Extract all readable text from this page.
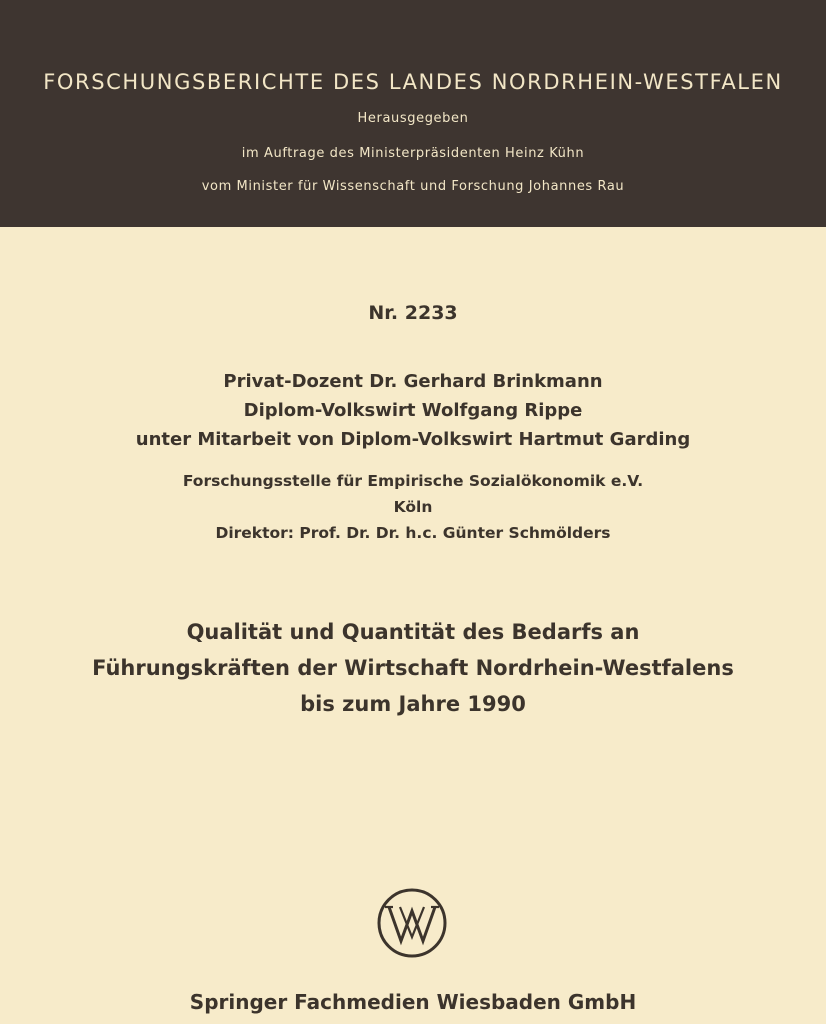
FORSCHUNGSBERICHTE DES LANDES NORDRHEIN-WESTFALEN
Herausgegeben
im Auftrage des Ministerpräsidenten Heinz Kühn
vom Minister für Wissenschaft und Forschung Johannes Rau
Nr. 2233
Privat-Dozent Dr. Gerhard Brinkmann
Diplom-Volkswirt Wolfgang Rippe
unter Mitarbeit von Diplom-Volkswirt Hartmut Garding
Forschungsstelle für Empirische Sozialökonomik e.V.
Köln
Direktor: Prof. Dr. Dr. h.c. Günter Schmölders
Qualität und Quantität des Bedarfs an
Führungskräften der Wirtschaft Nordrhein-Westfalens
bis zum Jahre 1990
Springer Fachmedien Wiesbaden GmbH
